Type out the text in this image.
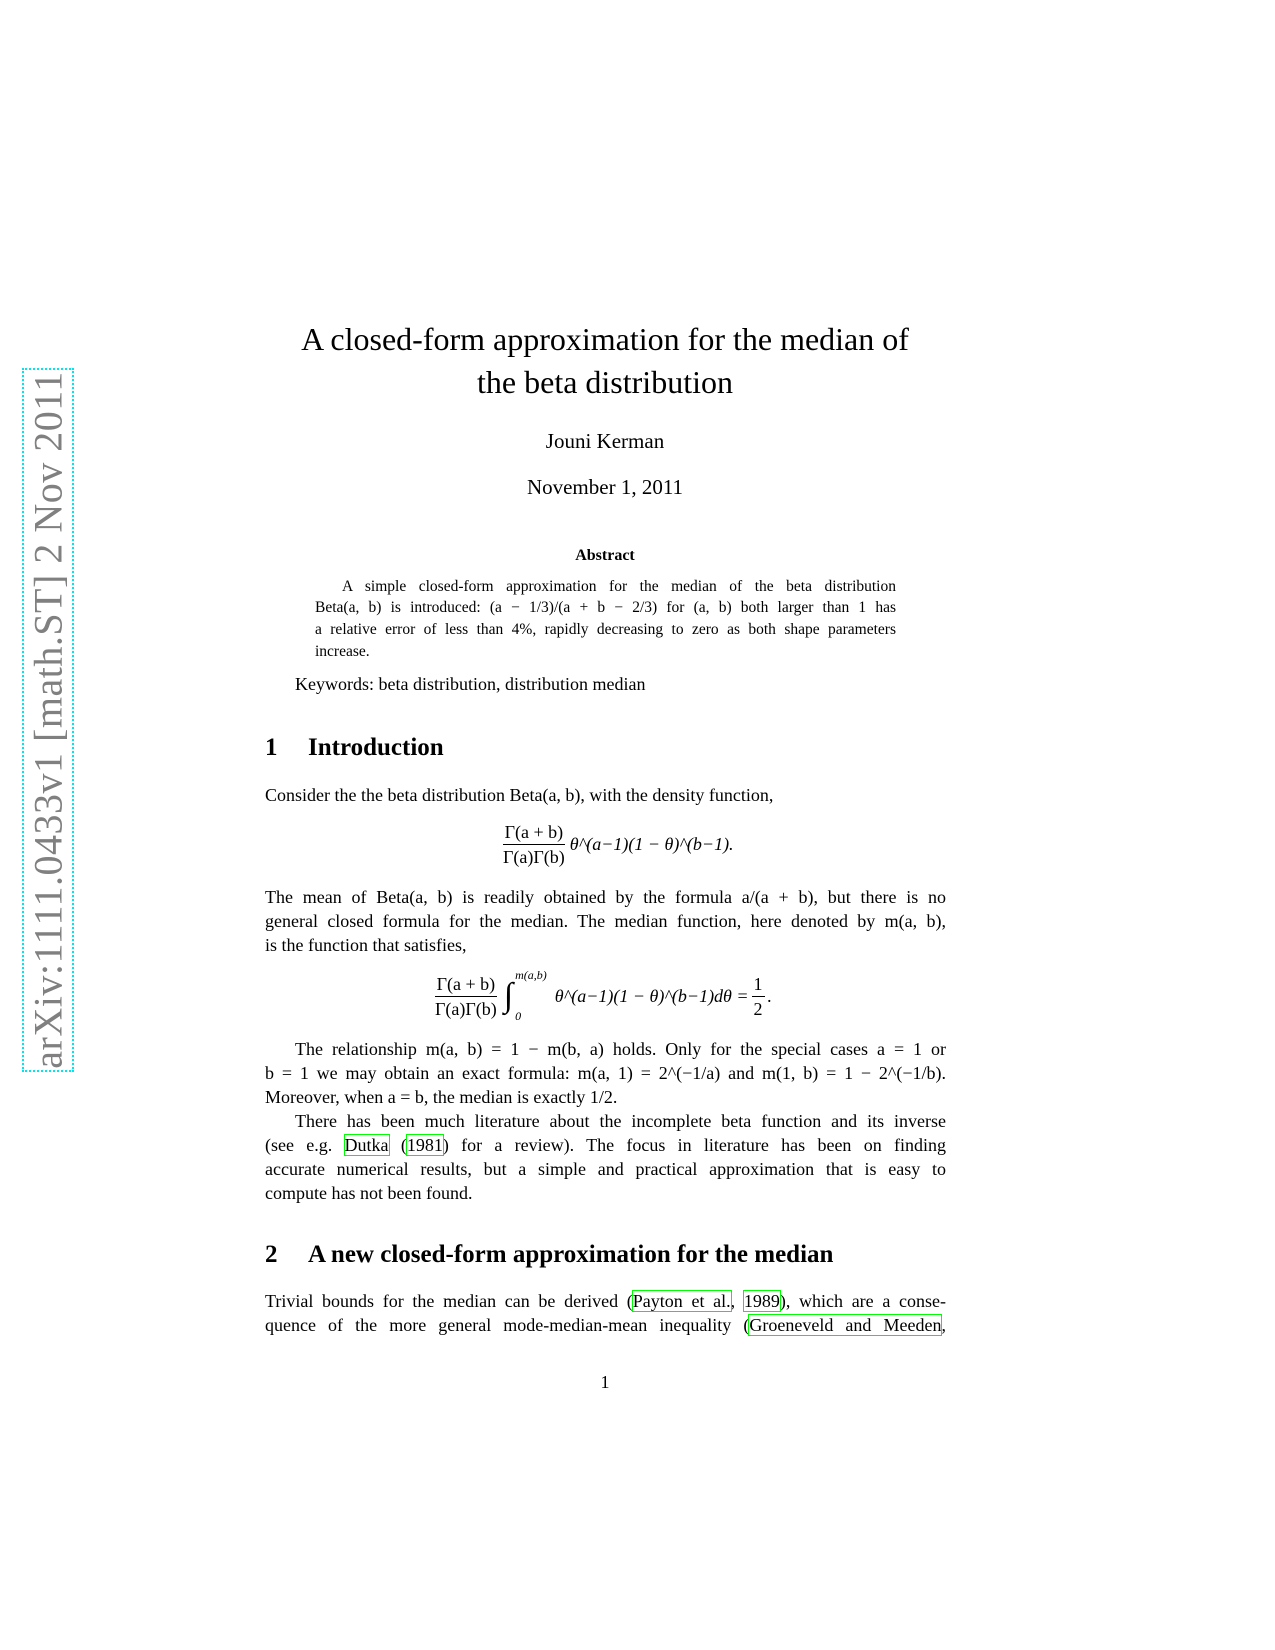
arXiv:1111.0433v1 [math.ST] 2 Nov 2011
A closed-form approximation for the median of
the beta distribution
Jouni Kerman
November 1, 2011
Abstract
A simple closed-form approximation for the median of the beta distribution
Beta(a, b) is introduced: (a − 1/3)/(a + b − 2/3) for (a, b) both larger than 1 has
a relative error of less than 4%, rapidly decreasing to zero as both shape parameters
increase.
Keywords: beta distribution, distribution median
1 Introduction
Consider the the beta distribution Beta(a, b), with the density function,
$\frac{\Gamma(a + b)}{\Gamma(a)\Gamma(b)}$ θ^(a−1)(1 − θ)^(b−1).
The mean of Beta(a, b) is readily obtained by the formula a/(a + b), but there is no
general closed formula for the median. The median function, here denoted by m(a, b),
is the function that satisfies,
$\frac{\Gamma(a + b)}{\Gamma(a)\Gamma(b)}$ ∫
m(a,b)
0
θ^(a−1)(1 − θ)^(b−1)dθ = $\frac{1}{2}$ .
The relationship m(a, b) = 1 − m(b, a) holds. Only for the special cases a = 1 or
b = 1 we may obtain an exact formula: m(a, 1) = 2^(−1/a) and m(1, b) = 1 − 2^(−1/b).
Moreover, when a = b, the median is exactly 1/2.
There has been much literature about the incomplete beta function and its inverse
(see e.g. Dutka (1981) for a review). The focus in literature has been on finding
accurate numerical results, but a simple and practical approximation that is easy to
compute has not been found.
2 A new closed-form approximation for the median
Trivial bounds for the median can be derived (Payton et al., 1989), which are a conse-
quence of the more general mode-median-mean inequality (Groeneveld and Meeden,
1
